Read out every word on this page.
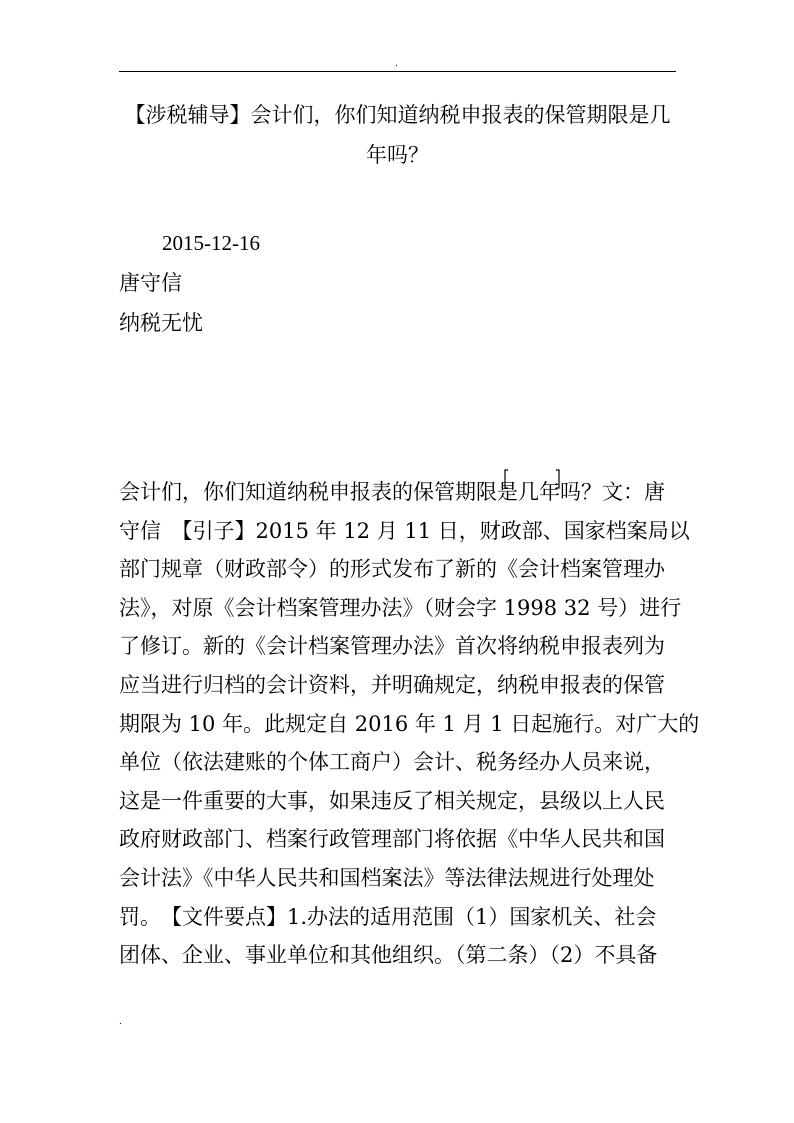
.
【涉税辅导】会计们，你们知道纳税申报表的保管期限是几年吗？
2015-12-16
唐守信
纳税无忧
会计们，你们知道纳税申报表的保管期限是几年吗？文：唐
守信　【引子】2015 年 12 月 11 日，财政部、国家档案局以
部门规章（财政部令）的形式发布了新的《会计档案管理办
法》，对原《会计档案管理办法》（财会字 1998 32 号）进行
了修订。新的《会计档案管理办法》首次将纳税申报表列为
应当进行归档的会计资料，并明确规定，纳税申报表的保管
期限为 10 年。此规定自 2016 年 1 月 1 日起施行。对广大的
单位（依法建账的个体工商户）会计、税务经办人员来说，
这是一件重要的大事，如果违反了相关规定，县级以上人民
政府财政部门、档案行政管理部门将依据《中华人民共和国
会计法》《中华人民共和国档案法》等法律法规进行处理处
罚。　【文件要点】1.办法的适用范围（1）国家机关、社会
团体、企业、事业单位和其他组织。（第二条）（2）不具备
.
